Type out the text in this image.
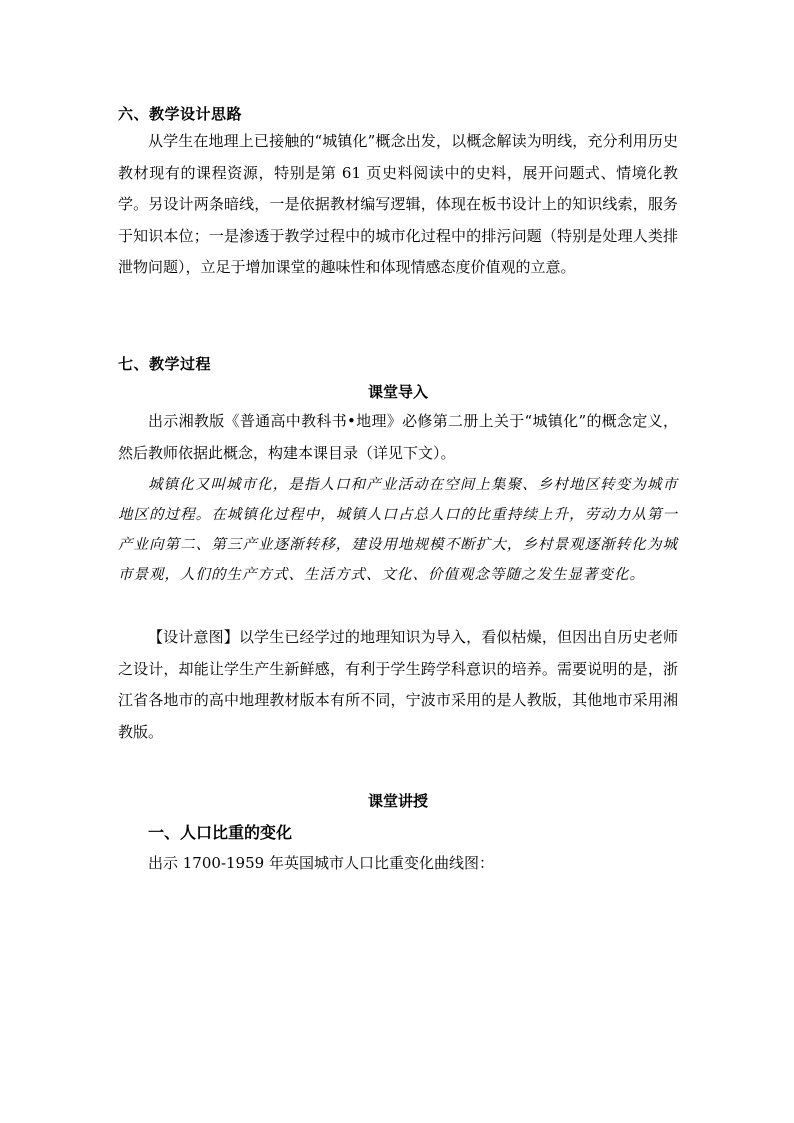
六、教学设计思路
从学生在地理上已接触的“城镇化”概念出发，以概念解读为明线，充分利用历史教材现有的课程资源，特别是第 61 页史料阅读中的史料，展开问题式、情境化教学。另设计两条暗线，一是依据教材编写逻辑，体现在板书设计上的知识线索，服务于知识本位；一是渗透于教学过程中的城市化过程中的排污问题（特别是处理人类排泄物问题），立足于增加课堂的趣味性和体现情感态度价值观的立意。
七、教学过程
课堂导入
出示湘教版《普通高中教科书•地理》必修第二册上关于“城镇化”的概念定义，然后教师依据此概念，构建本课目录（详见下文）。
城镇化又叫城市化，是指人口和产业活动在空间上集聚、乡村地区转变为城市地区的过程。在城镇化过程中，城镇人口占总人口的比重持续上升，劳动力从第一产业向第二、第三产业逐渐转移，建设用地规模不断扩大，乡村景观逐渐转化为城市景观，人们的生产方式、生活方式、文化、价值观念等随之发生显著变化。
【设计意图】以学生已经学过的地理知识为导入，看似枯燥，但因出自历史老师之设计，却能让学生产生新鲜感，有利于学生跨学科意识的培养。需要说明的是，浙江省各地市的高中地理教材版本有所不同，宁波市采用的是人教版，其他地市采用湘教版。
课堂讲授
一、人口比重的变化
出示 1700-1959 年英国城市人口比重变化曲线图：
